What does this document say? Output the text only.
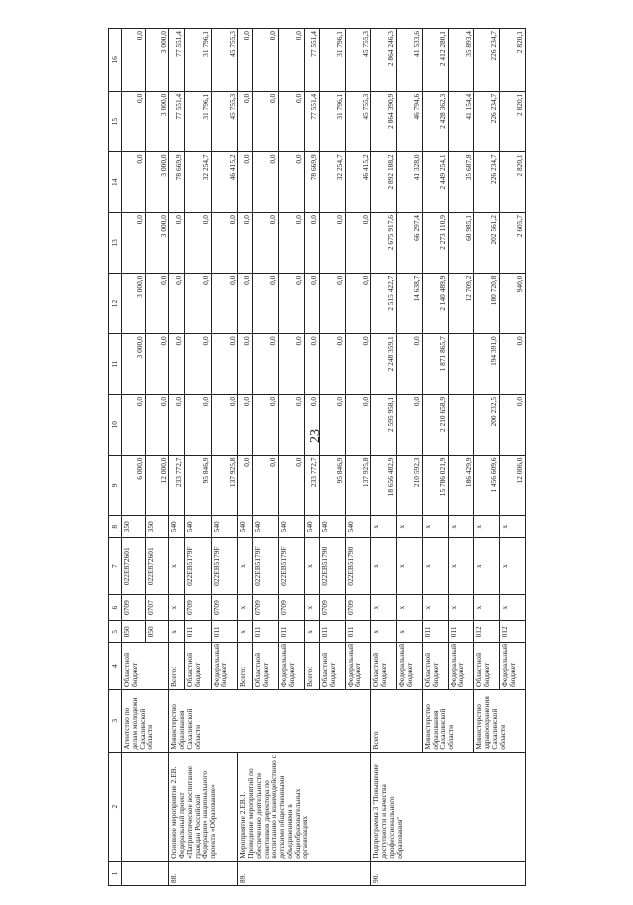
23
1	2	3	4	5	6	7	8	9	10	11	12	13	14	15	16
		Агентство по делам молодежи Сахалинской области	Областной бюджет	050	0709	022E872601	350	6 000,0	0,0	3 000,0	3 000,0	0,0	0,0	0,0	0,0
				050	0707	022E872601	350	12 000,0	0,0	0,0	0,0	3 000,0	3 000,0	3 000,0	3 000,0
88.	Основное мероприятие 2.ЕВ. Федеральный проект «Патриотическое воспитание граждан Российской Федерации» национального проекта «Образование»	Министерство образования Сахалинской области	Всего:	x	x	x	540	233 772,7	0,0	0,0	0,0	0,0	78 669,9	77 551,4	77 551,4
			Областной бюджет	011	0709	022EB5179F	540	95 846,9	0,0	0,0	0,0	0,0	32 254,7	31 796,1	31 796,1
			Федеральный бюджет	011	0709	022EB5179F	540	137 925,8	0,0	0,0	0,0	0,0	46 415,2	45 755,3	45 755,3
89.	Мероприятие 2.ЕВ.1. Проведение мероприятий по обеспечению деятельности советников директора по воспитанию и взаимодействию с детскими общественными объединениями в общеобразовательных организациях		Всего:	x	x	x	540	0,0	0,0	0,0	0,0	0,0	0,0	0,0	0,0
			Областной бюджет	011	0709	022EB5179F	540	0,0	0,0	0,0	0,0	0,0	0,0	0,0	0,0
			Федеральный бюджет	011	0709	022EB5179F	540	0,0	0,0	0,0	0,0	0,0	0,0	0,0	0,0
			Всего:	x	x	x	540	233 772,7	0,0	0,0	0,0	0,0	78 669,9	77 551,4	77 551,4
			Областной бюджет	011	0709	022EB51790	540	95 846,9	0,0	0,0	0,0	0,0	32 254,7	31 796,1	31 796,1
			Федеральный бюджет	011	0709	022EB51790	540	137 925,8	0,0	0,0	0,0	0,0	46 415,2	45 755,3	45 755,3
90.	Подпрограмма 3 "Повышение доступности и качества профессионального образования"	Всего	Областной бюджет	x	x	x	x	18 656 482,9	2 595 958,1	2 248 359,1	2 515 422,7	2 675 917,6	2 892 188,2	2 864 390,9	2 864 246,3
			Федеральный бюджет	x	x	x	x	210 592,3	0,0	0,0	14 638,7	66 297,4	41 328,0	46 794,6	41 533,6
		Министерство образования Сахалинской области	Областной бюджет	011	x	x	x	15 786 021,9	2 210 658,9	1 871 865,7	2 140 489,9	2 273 110,9	2 449 254,1	2 428 362,3	2 412 280,1
			Федеральный бюджет	011	x	x	x	186 429,9			12 709,2	60 985,1	35 687,8	41 154,4	35 893,4
		Министерство здравоохранения Сахалинской области	Областной бюджет	012	x	x	x	1 456 609,6	200 232,5	194 391,0	180 720,8	202 561,2	226 234,7	226 234,7	226 234,7
			Федеральный бюджет	012	x	x	x	12 006,0	0,0	0,0	940,0	2 605,7	2 820,1	2 820,1	2 820,1
